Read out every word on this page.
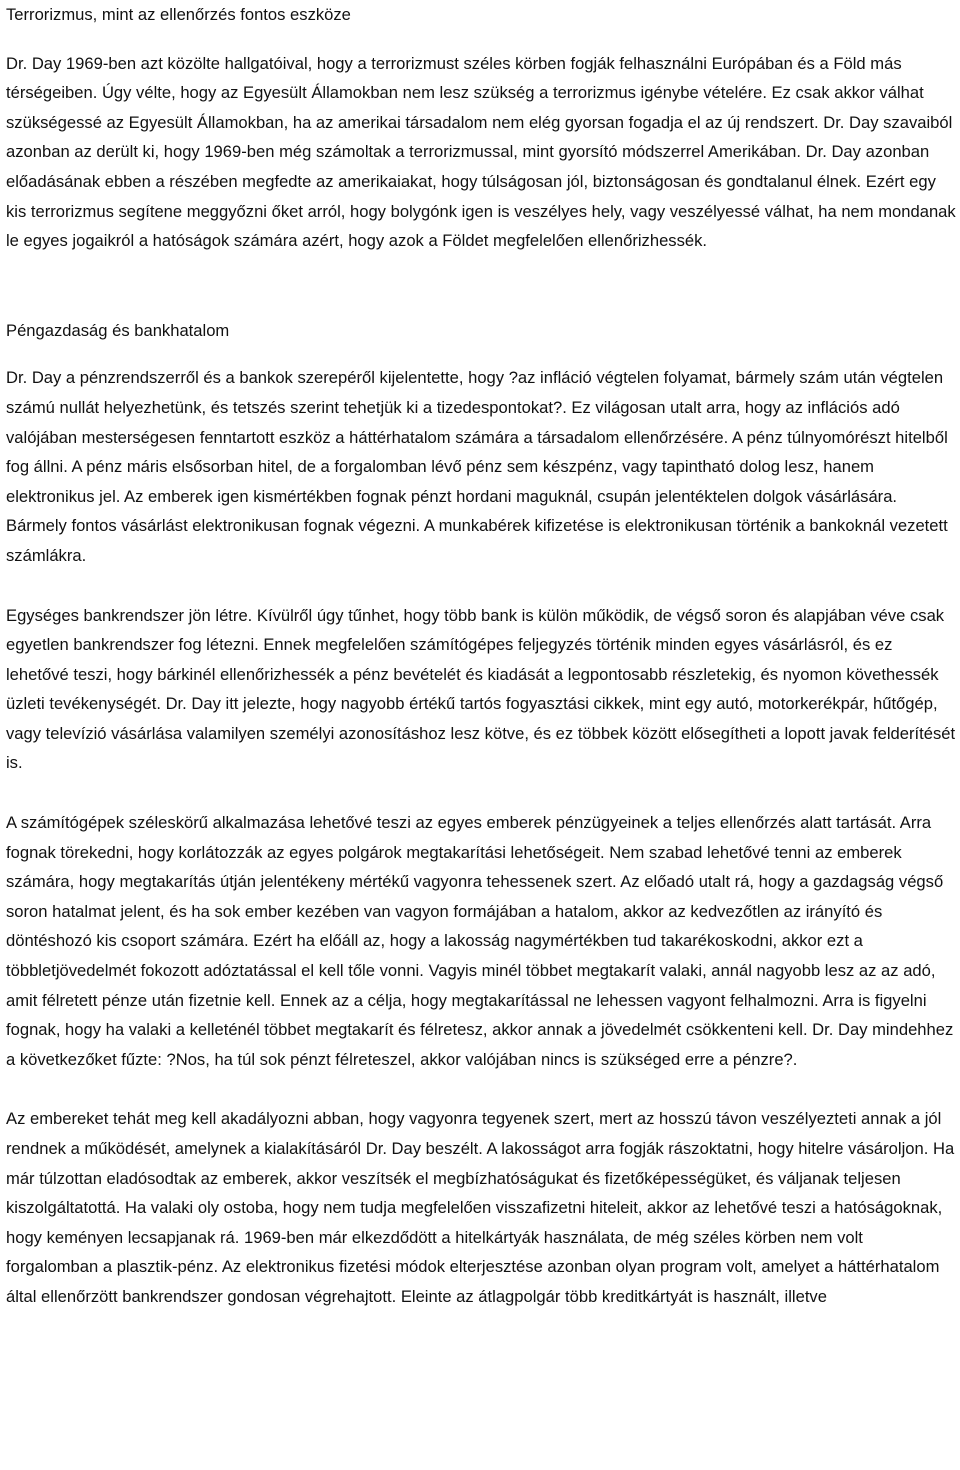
Terrorizmus, mint az ellenőrzés fontos eszköze

Dr. Day 1969-ben azt közölte hallgatóival, hogy a terrorizmust széles körben fogják felhasználni Európában és a Föld más térségeiben. Úgy vélte, hogy az Egyesült Államokban nem lesz szükség a terrorizmus igénybe vételére. Ez csak akkor válhat szükségessé az Egyesült Államokban, ha az amerikai társadalom nem elég gyorsan fogadja el az új rendszert. Dr. Day szavaiból azonban az derült ki, hogy 1969-ben még számoltak a terrorizmussal, mint gyorsító módszerrel Amerikában. Dr. Day azonban előadásának ebben a részében megfedte az amerikaiakat, hogy túlságosan jól, biztonságosan és gondtalanul élnek. Ezért egy kis terrorizmus segítene meggyőzni őket arról, hogy bolygónk igen is veszélyes hely, vagy veszélyessé válhat, ha nem mondanak le egyes jogaikról a hatóságok számára azért, hogy azok a Földet megfelelően ellenőrizhessék.

Péngazdaság és bankhatalom

Dr. Day a pénzrendszerről és a bankok szerepéről kijelentette, hogy ?az infláció végtelen folyamat, bármely szám után végtelen számú nullát helyezhetünk, és tetszés szerint tehetjük ki a tizedespontokat?. Ez világosan utalt arra, hogy az inflációs adó valójában mesterségesen fenntartott eszköz a háttérhatalom számára a társadalom ellenőrzésére. A pénz túlnyomórészt hitelből fog állni. A pénz máris elsősorban hitel, de a forgalomban lévő pénz sem készpénz, vagy tapintható dolog lesz, hanem elektronikus jel. Az emberek igen kismértékben fognak pénzt hordani maguknál, csupán jelentéktelen dolgok vásárlására. Bármely fontos vásárlást elektronikusan fognak végezni. A munkabérek kifizetése is elektronikusan történik a bankoknál vezetett számlákra.

Egységes bankrendszer jön létre. Kívülről úgy tűnhet, hogy több bank is külön működik, de végső soron és alapjában véve csak egyetlen bankrendszer fog létezni. Ennek megfelelően számítógépes feljegyzés történik minden egyes vásárlásról, és ez lehetővé teszi, hogy bárkinél ellenőrizhessék a pénz bevételét és kiadását a legpontosabb részletekig, és nyomon követhessék üzleti tevékenységét. Dr. Day itt jelezte, hogy nagyobb értékű tartós fogyasztási cikkek, mint egy autó, motorkerékpár, hűtőgép, vagy televízió vásárlása valamilyen személyi azonosításhoz lesz kötve, és ez többek között elősegítheti a lopott javak felderítését is.

A számítógépek széleskörű alkalmazása lehetővé teszi az egyes emberek pénzügyeinek a teljes ellenőrzés alatt tartását. Arra fognak törekedni, hogy korlátozzák az egyes polgárok megtakarítási lehetőségeit. Nem szabad lehetővé tenni az emberek számára, hogy megtakarítás útján jelentékeny mértékű vagyonra tehessenek szert. Az előadó utalt rá, hogy a gazdagság végső soron hatalmat jelent, és ha sok ember kezében van vagyon formájában a hatalom, akkor az kedvezőtlen az irányító és döntéshozó kis csoport számára. Ezért ha előáll az, hogy a lakosság nagymértékben tud takarékoskodni, akkor ezt a többletjövedelmét fokozott adóztatással el kell tőle vonni. Vagyis minél többet megtakarít valaki, annál nagyobb lesz az az adó, amit félretett pénze után fizetnie kell. Ennek az a célja, hogy megtakarítással ne lehessen vagyont felhalmozni. Arra is figyelni fognak, hogy ha valaki a kelleténél többet megtakarít és félretesz, akkor annak a jövedelmét csökkenteni kell. Dr. Day mindehhez a következőket fűzte: ?Nos, ha túl sok pénzt félreteszel, akkor valójában nincs is szükséged erre a pénzre?.

Az embereket tehát meg kell akadályozni abban, hogy vagyonra tegyenek szert, mert az hosszú távon veszélyezteti annak a jól rendnek a működését, amelynek a kialakításáról Dr. Day beszélt. A lakosságot arra fogják rászoktatni, hogy hitelre vásároljon. Ha már túlzottan eladósodtak az emberek, akkor veszítsék el megbízhatóságukat és fizetőképességüket, és váljanak teljesen kiszolgáltatottá. Ha valaki oly ostoba, hogy nem tudja megfelelően visszafizetni hiteleit, akkor az lehetővé teszi a hatóságoknak, hogy keményen lecsapjanak rá. 1969-ben már elkezdődött a hitelkártyák használata, de még széles körben nem volt forgalomban a plasztik-pénz. Az elektronikus fizetési módok elterjesztése azonban olyan program volt, amelyet a háttérhatalom által ellenőrzött bankrendszer gondosan végrehajtott. Eleinte az átlagpolgár több kreditkártyát is használt, illetve
